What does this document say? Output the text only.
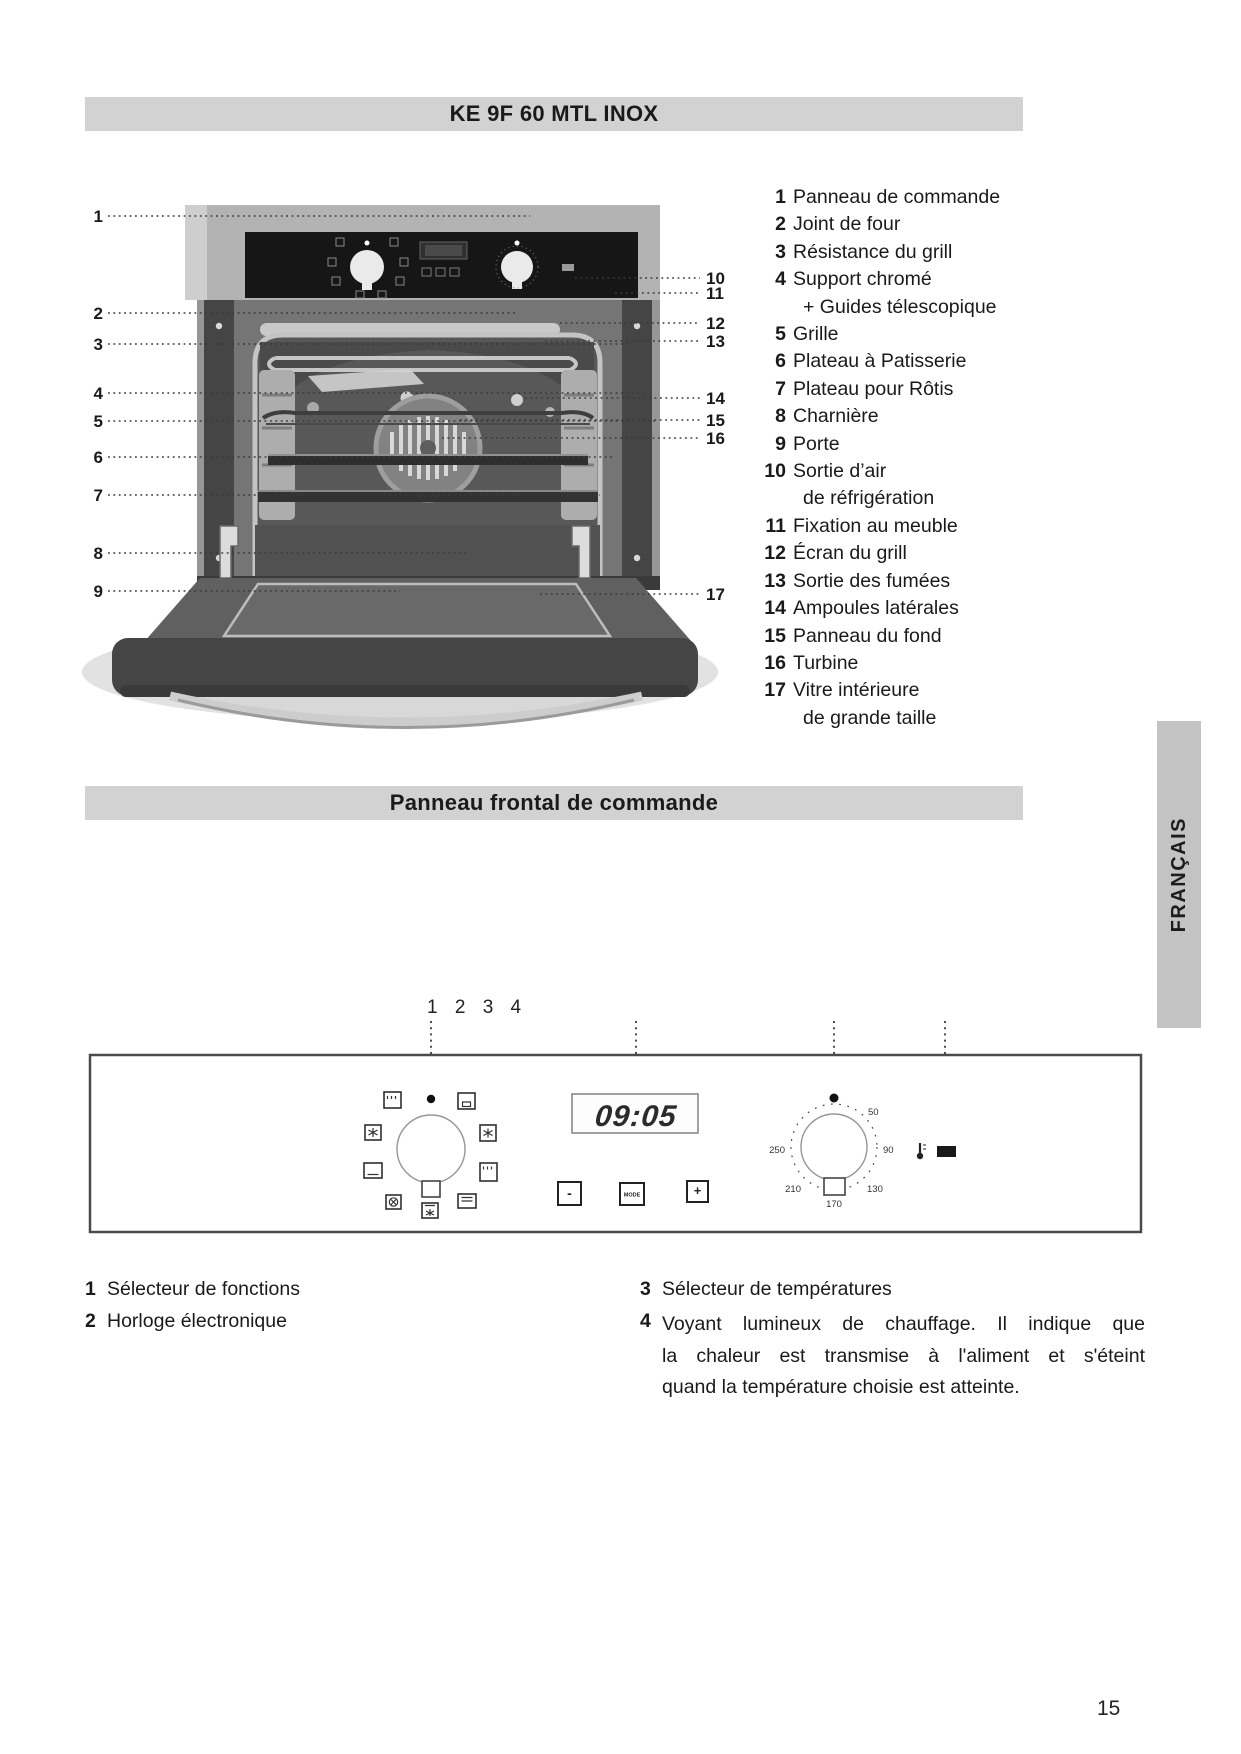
KE 9F 60 MTL INOX
1
2
3
4
5
6
7
8
9
10
11
12
13
14
15
16
17
1 Panneau de commande
2 Joint de four
3 Résistance du grill
4 Support chromé
+ Guides télescopique
5 Grille
6 Plateau à Patisserie
7 Plateau pour Rôtis
8 Charnière
9 Porte
10 Sortie d’air
de réfrigération
11 Fixation au meuble
12 Écran du grill
13 Sortie des fumées
14 Ampoules latérales
15 Panneau du fond
16 Turbine
17 Vitre intérieure
de grande taille
FRANÇAIS
Panneau frontal de commande
1 2 3 4
09:05
-	MODE	+
50
90
130
170
210
250
1 Sélecteur de fonctions
2 Horloge électronique
3 Sélecteur de températures
4 Voyant lumineux de chauffage. Il indique que
la chaleur est transmise à l'aliment et s'éteint
quand la température choisie est atteinte.
15
